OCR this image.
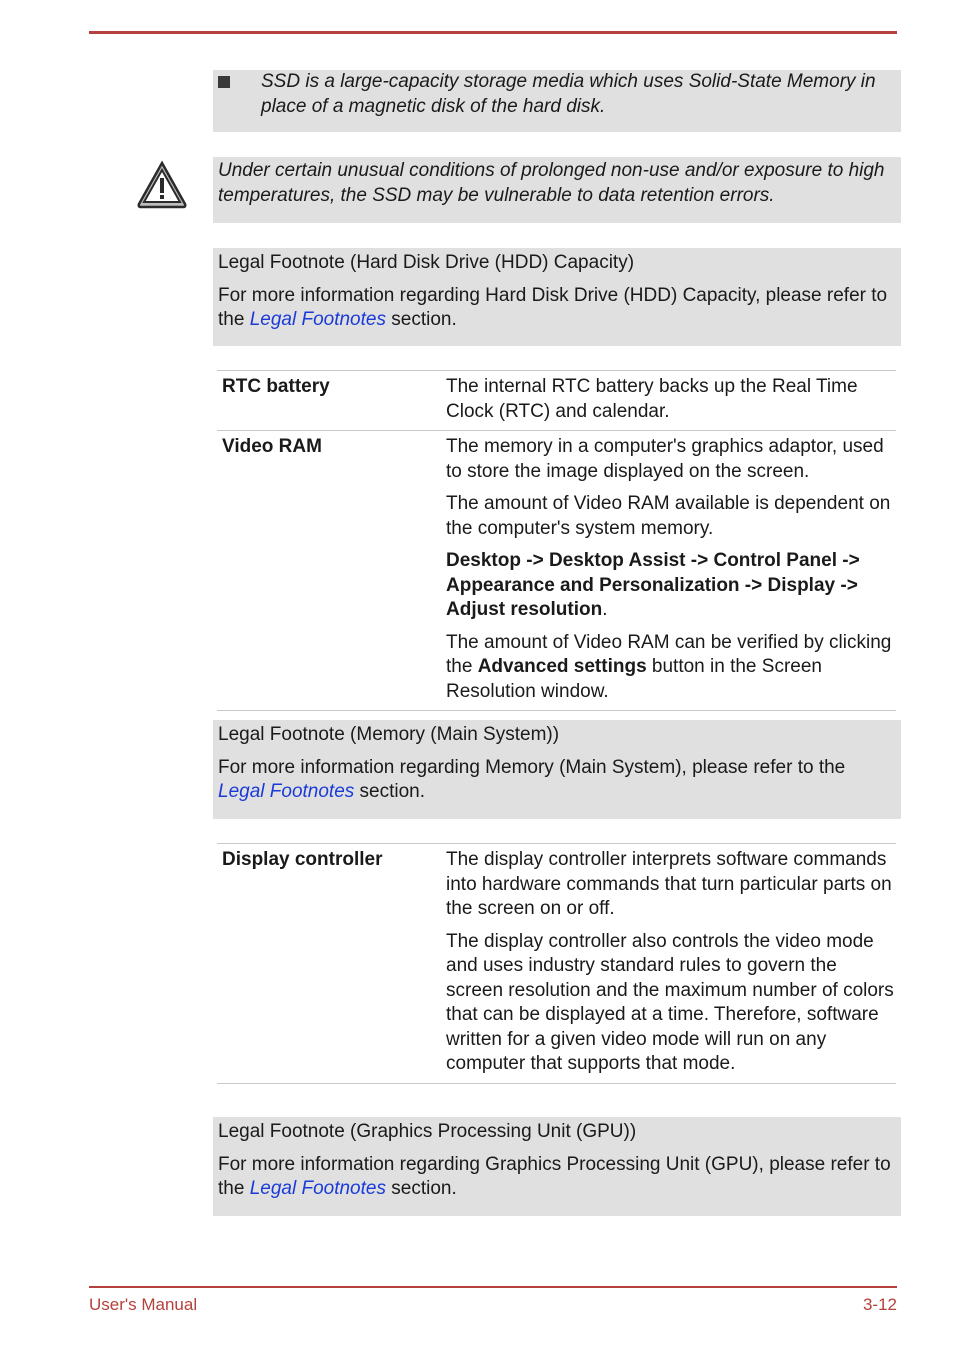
SSD is a large-capacity storage media which uses Solid-State Memory in place of a magnetic disk of the hard disk.

Under certain unusual conditions of prolonged non-use and/or exposure to high temperatures, the SSD may be vulnerable to data retention errors.

Legal Footnote (Hard Disk Drive (HDD) Capacity)

For more information regarding Hard Disk Drive (HDD) Capacity, please refer to the Legal Footnotes section.

RTC battery	The internal RTC battery backs up the Real Time Clock (RTC) and calendar.

Video RAM	The memory in a computer's graphics adaptor, used to store the image displayed on the screen.

The amount of Video RAM available is dependent on the computer's system memory.

Desktop -> Desktop Assist -> Control Panel -> Appearance and Personalization -> Display -> Adjust resolution.

The amount of Video RAM can be verified by clicking the Advanced settings button in the Screen Resolution window.

Legal Footnote (Memory (Main System))

For more information regarding Memory (Main System), please refer to the Legal Footnotes section.

Display controller	The display controller interprets software commands into hardware commands that turn particular parts on the screen on or off.

The display controller also controls the video mode and uses industry standard rules to govern the screen resolution and the maximum number of colors that can be displayed at a time. Therefore, software written for a given video mode will run on any computer that supports that mode.

Legal Footnote (Graphics Processing Unit (GPU))

For more information regarding Graphics Processing Unit (GPU), please refer to the Legal Footnotes section.

User's Manual	3-12
